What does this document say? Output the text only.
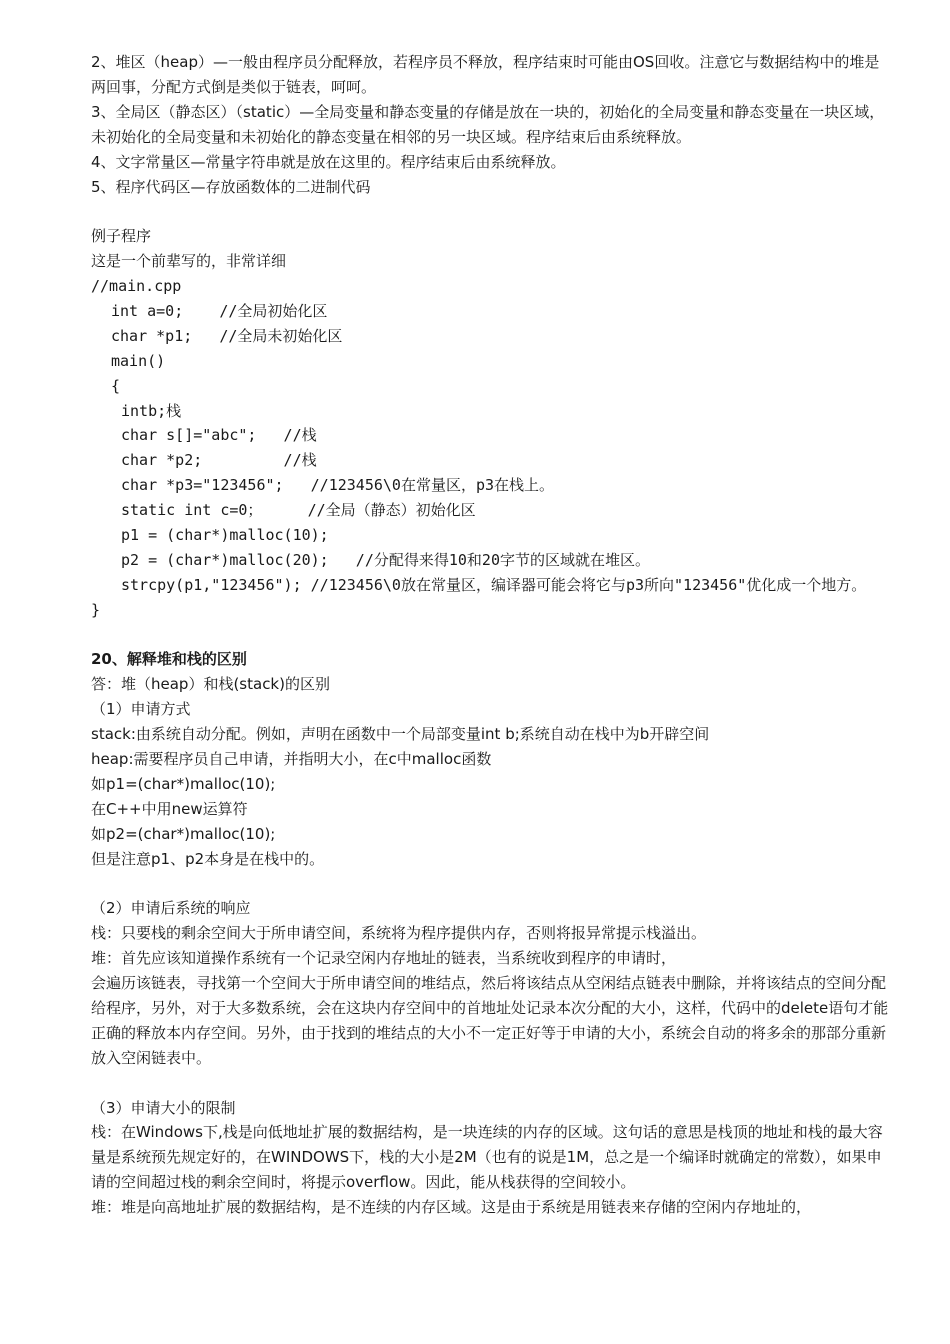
2、堆区（heap）—一般由程序员分配释放，若程序员不释放，程序结束时可能由OS回收。注意它与数据结构中的堆是两回事，分配方式倒是类似于链表，呵呵。
3、全局区（静态区）（static）—全局变量和静态变量的存储是放在一块的，初始化的全局变量和静态变量在一块区域，未初始化的全局变量和未初始化的静态变量在相邻的另一块区域。程序结束后由系统释放。
4、文字常量区—常量字符串就是放在这里的。程序结束后由系统释放。
5、程序代码区—存放函数体的二进制代码
例子程序
这是一个前辈写的，非常详细
//main.cpp
int a=0;    //全局初始化区
char *p1;   //全局未初始化区
main()
{
intb;栈
char s[]="abc";   //栈
char *p2;         //栈
char *p3="123456";   //123456\0在常量区，p3在栈上。
static int c=0；     //全局（静态）初始化区
p1 = (char*)malloc(10);
p2 = (char*)malloc(20);   //分配得来得10和20字节的区域就在堆区。
strcpy(p1,"123456"); //123456\0放在常量区，编译器可能会将它与p3所向"123456"优化成一个地方。
}
20、解释堆和栈的区别
答：堆（heap）和栈(stack)的区别
（1）申请方式
stack:由系统自动分配。例如，声明在函数中一个局部变量int b;系统自动在栈中为b开辟空间
heap:需要程序员自己申请，并指明大小，在c中malloc函数
如p1=(char*)malloc(10);
在C++中用new运算符
如p2=(char*)malloc(10);
但是注意p1、p2本身是在栈中的。
（2）申请后系统的响应
栈：只要栈的剩余空间大于所申请空间，系统将为程序提供内存，否则将报异常提示栈溢出。
堆：首先应该知道操作系统有一个记录空闲内存地址的链表，当系统收到程序的申请时，
会遍历该链表，寻找第一个空间大于所申请空间的堆结点，然后将该结点从空闲结点链表中删除，并将该结点的空间分配给程序，另外，对于大多数系统，会在这块内存空间中的首地址处记录本次分配的大小，这样，代码中的delete语句才能正确的释放本内存空间。另外，由于找到的堆结点的大小不一定正好等于申请的大小，系统会自动的将多余的那部分重新放入空闲链表中。
（3）申请大小的限制
栈：在Windows下,栈是向低地址扩展的数据结构，是一块连续的内存的区域。这句话的意思是栈顶的地址和栈的最大容量是系统预先规定好的，在WINDOWS下，栈的大小是2M（也有的说是1M，总之是一个编译时就确定的常数），如果申请的空间超过栈的剩余空间时，将提示overflow。因此，能从栈获得的空间较小。
堆：堆是向高地址扩展的数据结构，是不连续的内存区域。这是由于系统是用链表来存储的空闲内存地址的，
